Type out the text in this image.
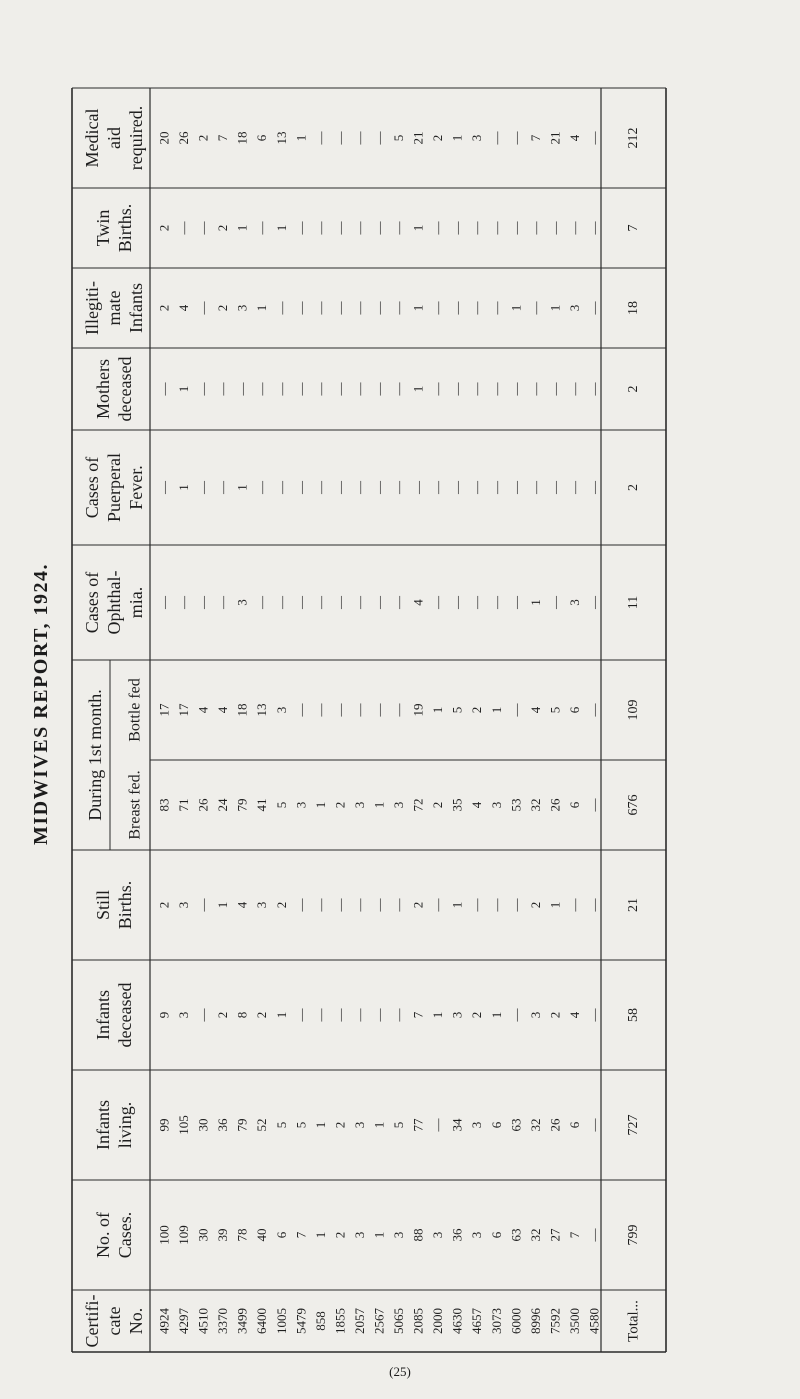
MIDWIVES REPORT, 1924. During 1st month.
Certifi- cate No.
No. of Cases.
Infants living.
Infants deceased
Still Births.
Breast fed.
Bottle fed
Cases of Ophthal- mia.
Cases of Puerperal Fever.
Mothers deceased
Illegiti- mate Infants
Twin Births.
Medical aid required.
4924
100
99
9
2
83
17
—
—
—
2
2
20
4297
109
105
3
3
71
17
—
1
1
4
—
26
4510
30
30
—
—
26
4
—
—
—
—
—
2
3370
39
36
2
1
24
4
—
—
—
2
2
7
3499
78
79
8
4
79
18
3
1
—
3
1
18
6400
40
52
2
3
41
13
—
—
—
1
—
6
1005
6
5
1
2
5
3
—
—
—
—
1
13
5479
7
5
—
—
3
—
—
—
—
—
—
1
858
1
1
—
—
1
—
—
—
—
—
—
—
1855
2
2
—
—
2
—
—
—
—
—
—
—
2057
3
3
—
—
3
—
—
—
—
—
—
—
2567
1
1
—
—
1
—
—
—
—
—
—
—
5065
3
5
—
—
3
—
—
—
—
—
—
5
2085
88
77
7
2
72
19
4
—
1
1
1
21
2000
3
—
1
—
2
1
—
—
—
—
—
2
4630
36
34
3
1
35
5
—
—
—
—
—
1
4657
3
3
2
—
4
2
—
—
—
—
—
3
3073
6
6
1
—
3
1
—
—
—
—
—
—
6000
63
63
—
—
53
—
—
—
—
1
—
—
8996
32
32
3
2
32
4
1
—
—
—
—
7
7592
27
26
2
1
26
5
—
—
—
1
—
21
3500
7
6
4
—
6
6
3
—
—
3
—
4
4580
—
—
—
—
—
—
—
—
—
—
—
—
Total...
799
727
58
21
676
109
11
2
2
18
7
212
(25)
